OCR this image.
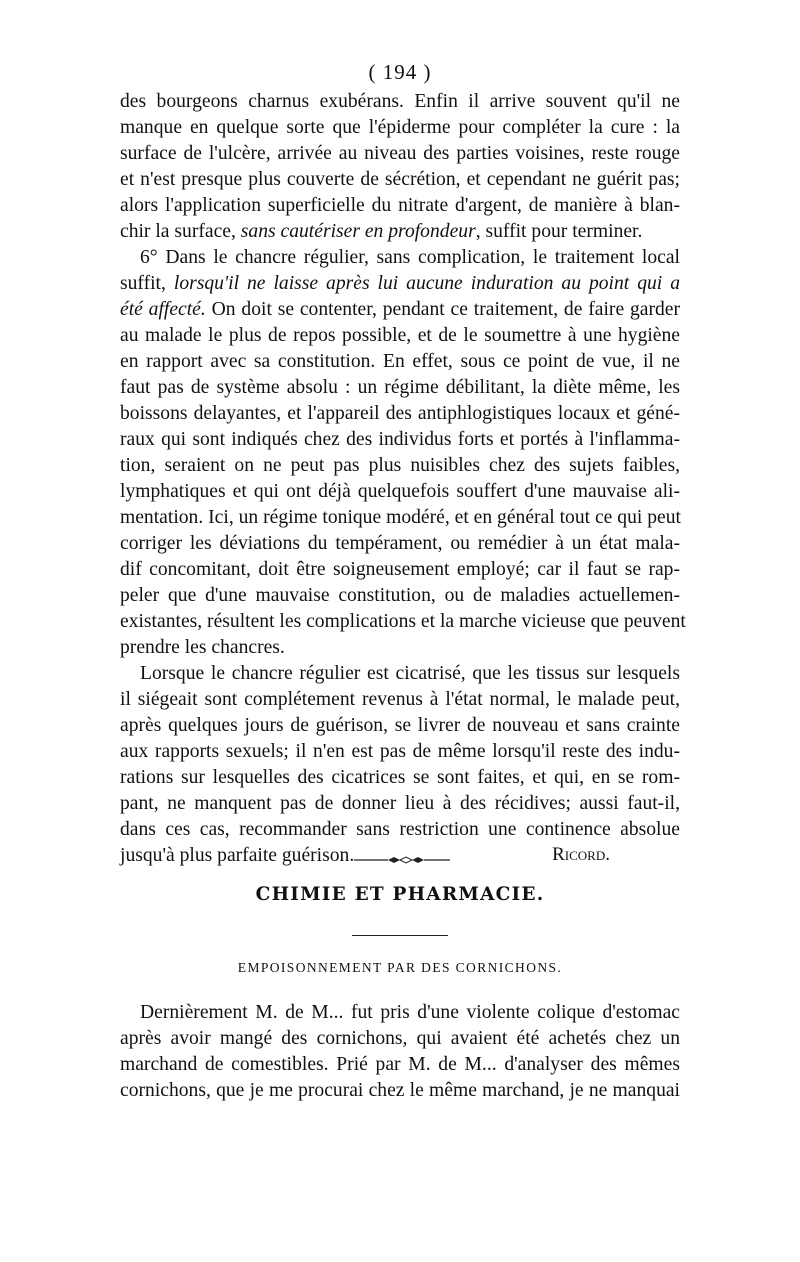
( 194 )
des bourgeons charnus exubérans. Enfin il arrive souvent qu'il ne
manque en quelque sorte que l'épiderme pour compléter la cure : la
surface de l'ulcère, arrivée au niveau des parties voisines, reste rouge
et n'est presque plus couverte de sécrétion, et cependant ne guérit pas;
alors l'application superficielle du nitrate d'argent, de manière à blan-
chir la surface, sans cautériser en profondeur, suffit pour terminer.
6° Dans le chancre régulier, sans complication, le traitement local
suffit, lorsqu'il ne laisse après lui aucune induration au point qui a
été affecté. On doit se contenter, pendant ce traitement, de faire garder
au malade le plus de repos possible, et de le soumettre à une hygiène
en rapport avec sa constitution. En effet, sous ce point de vue, il ne
faut pas de système absolu : un régime débilitant, la diète même, les
boissons delayantes, et l'appareil des antiphlogistiques locaux et géné-
raux qui sont indiqués chez des individus forts et portés à l'inflamma-
tion, seraient on ne peut pas plus nuisibles chez des sujets faibles,
lymphatiques et qui ont déjà quelquefois souffert d'une mauvaise ali-
mentation. Ici, un régime tonique modéré, et en général tout ce qui peut
corriger les déviations du tempérament, ou remédier à un état mala-
dif concomitant, doit être soigneusement employé; car il faut se rap-
peler que d'une mauvaise constitution, ou de maladies actuellemen-
existantes, résultent les complications et la marche vicieuse que peuvent
prendre les chancres.
Lorsque le chancre régulier est cicatrisé, que les tissus sur lesquels
il siégeait sont complétement revenus à l'état normal, le malade peut,
après quelques jours de guérison, se livrer de nouveau et sans crainte
aux rapports sexuels; il n'en est pas de même lorsqu'il reste des indu-
rations sur lesquelles des cicatrices se sont faites, et qui, en se rom-
pant, ne manquent pas de donner lieu à des récidives; aussi faut-il,
dans ces cas, recommander sans restriction une continence absolue
jusqu'à plus parfaite guérison.	Ricord.
CHIMIE ET PHARMACIE.
EMPOISONNEMENT PAR DES CORNICHONS.
Dernièrement M. de M... fut pris d'une violente colique d'estomac
après avoir mangé des cornichons, qui avaient été achetés chez un
marchand de comestibles. Prié par M. de M... d'analyser des mêmes
cornichons, que je me procurai chez le même marchand, je ne manquai
